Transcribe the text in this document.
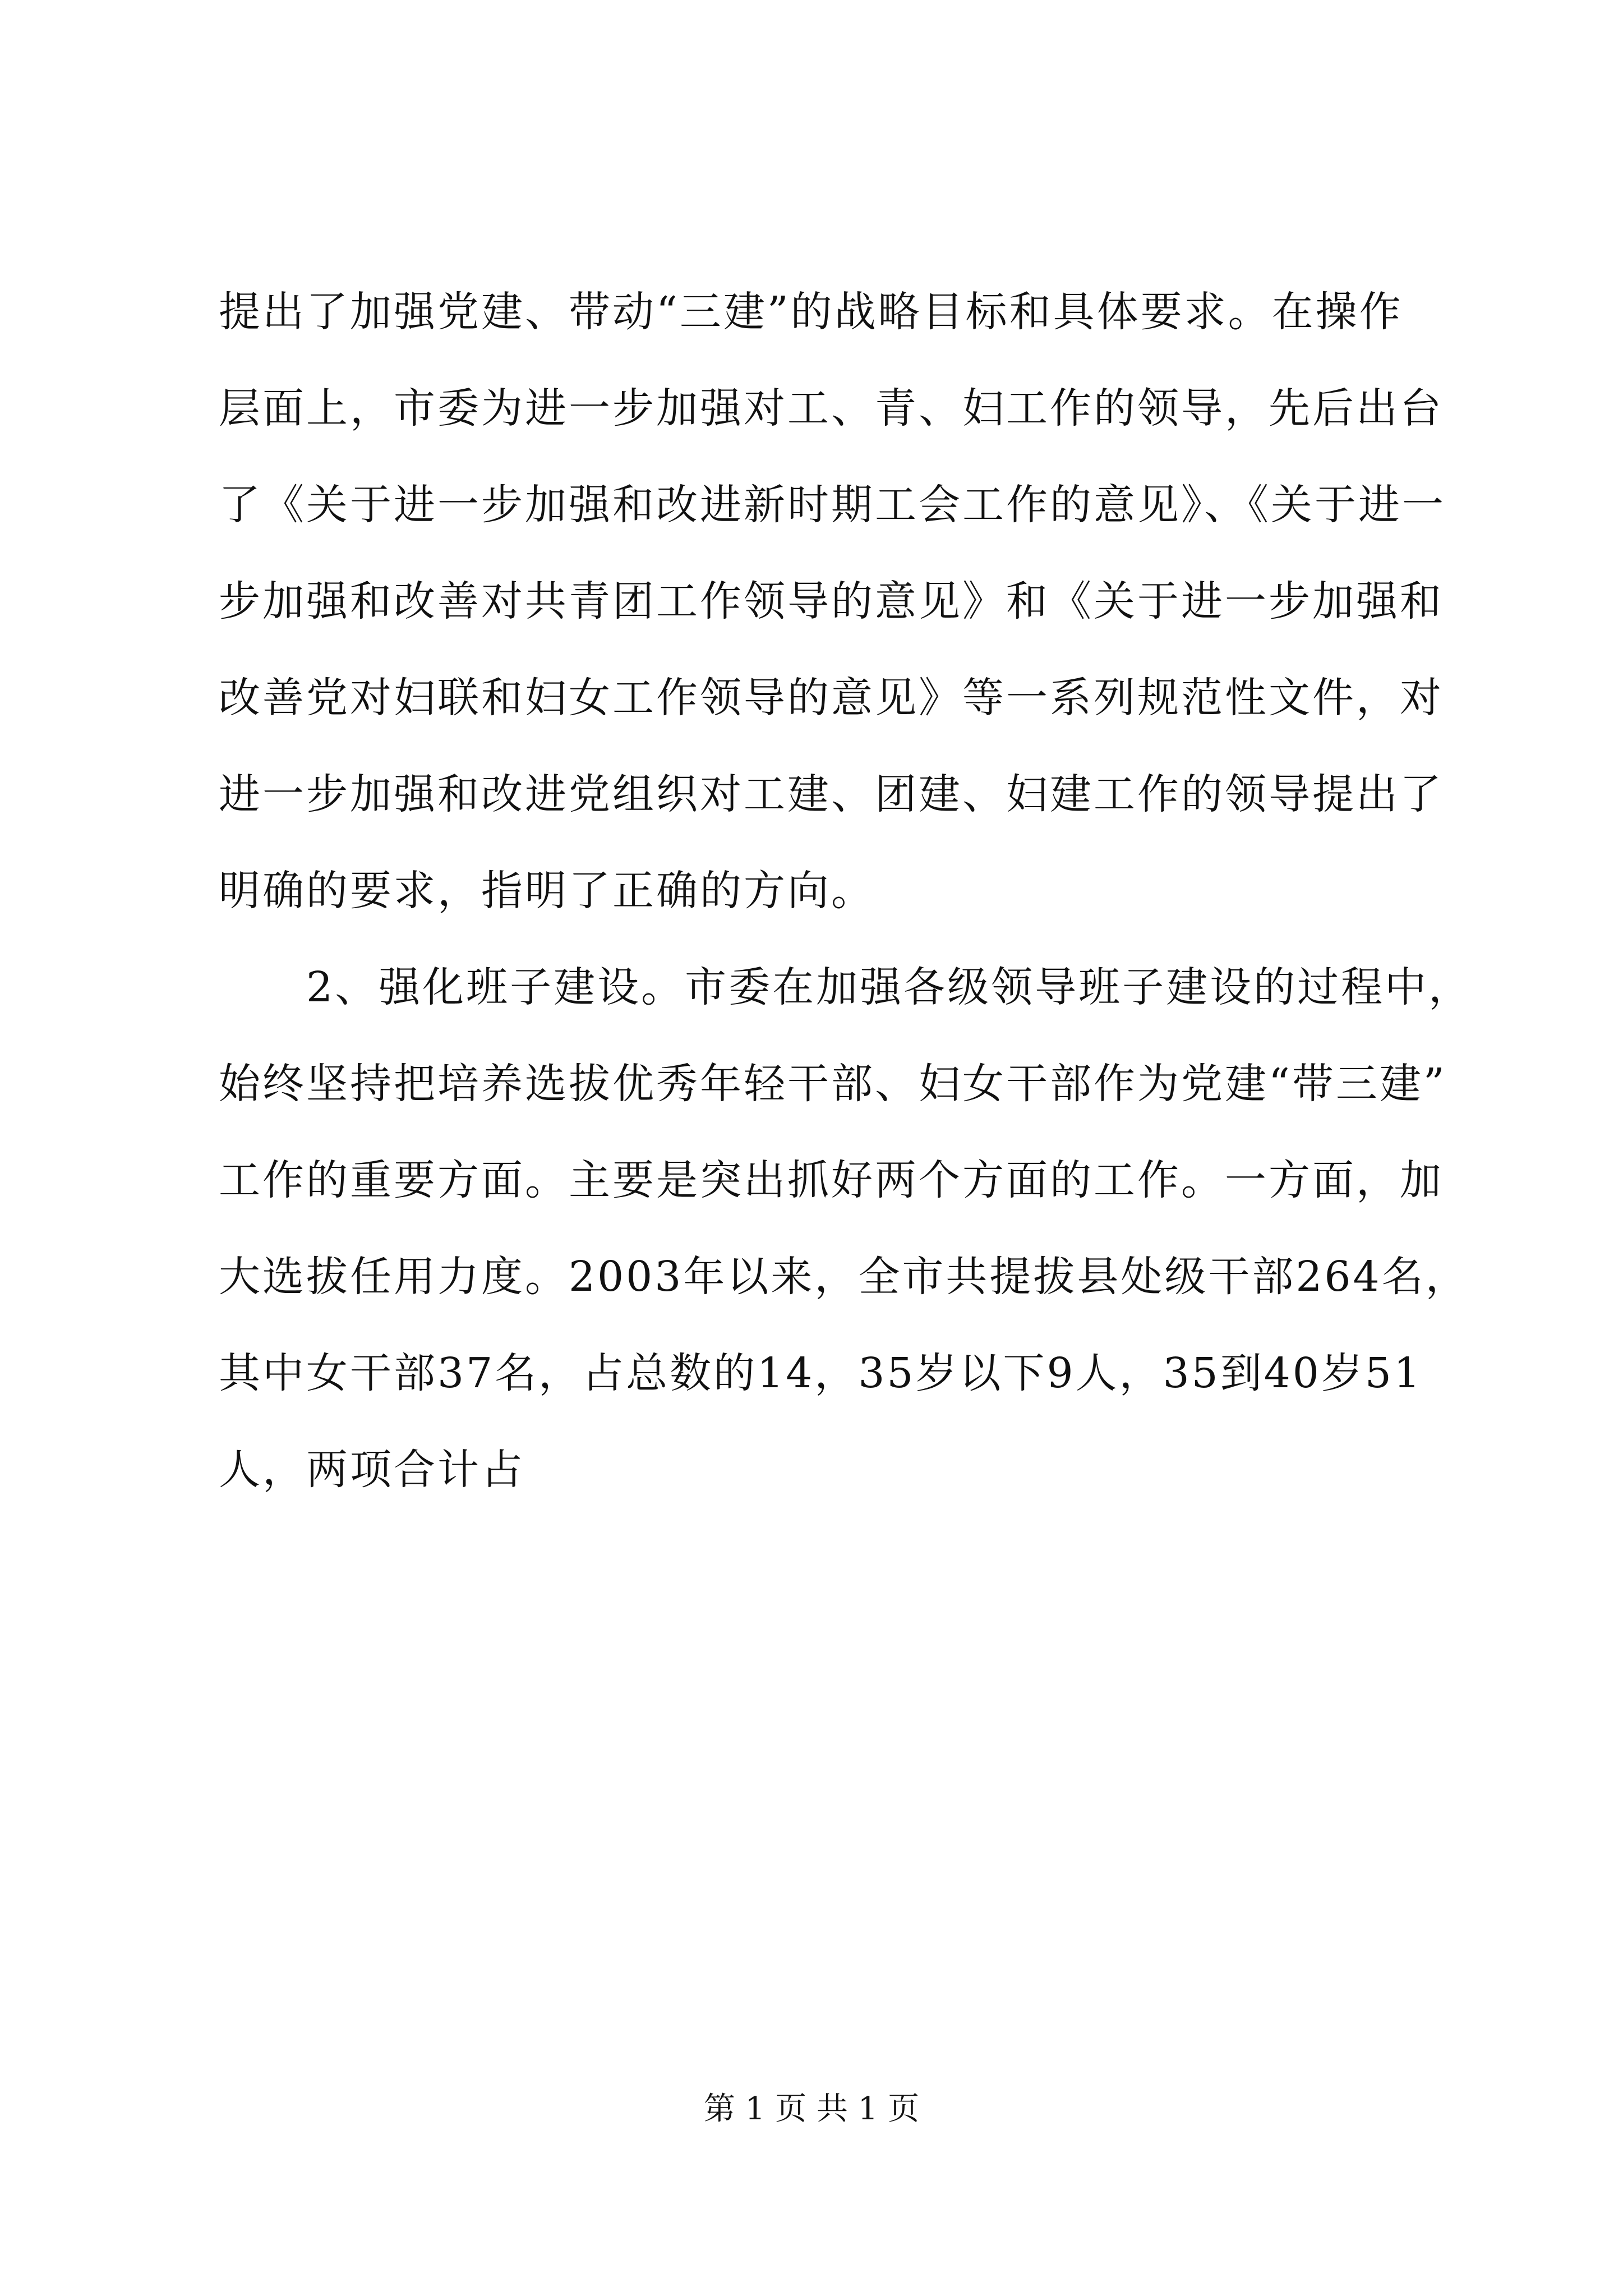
提出了加强党建、带动“三建”的战略目标和具体要求。在操作
层面上，市委为进一步加强对工、青、妇工作的领导，先后出台
了《关于进一步加强和改进新时期工会工作的意见》、《关于进一
步加强和改善对共青团工作领导的意见》和《关于进一步加强和
改善党对妇联和妇女工作领导的意见》等一系列规范性文件，对
进一步加强和改进党组织对工建、团建、妇建工作的领导提出了
明确的要求，指明了正确的方向。
　　2、强化班子建设。市委在加强各级领导班子建设的过程中，
始终坚持把培养选拔优秀年轻干部、妇女干部作为党建“带三建”
工作的重要方面。主要是突出抓好两个方面的工作。一方面，加
大选拔任用力度。2003年以来，全市共提拔县处级干部264名，
其中女干部37名，占总数的14，35岁以下9人，35到40岁51
人，两项合计占
第 1 页 共 1 页
